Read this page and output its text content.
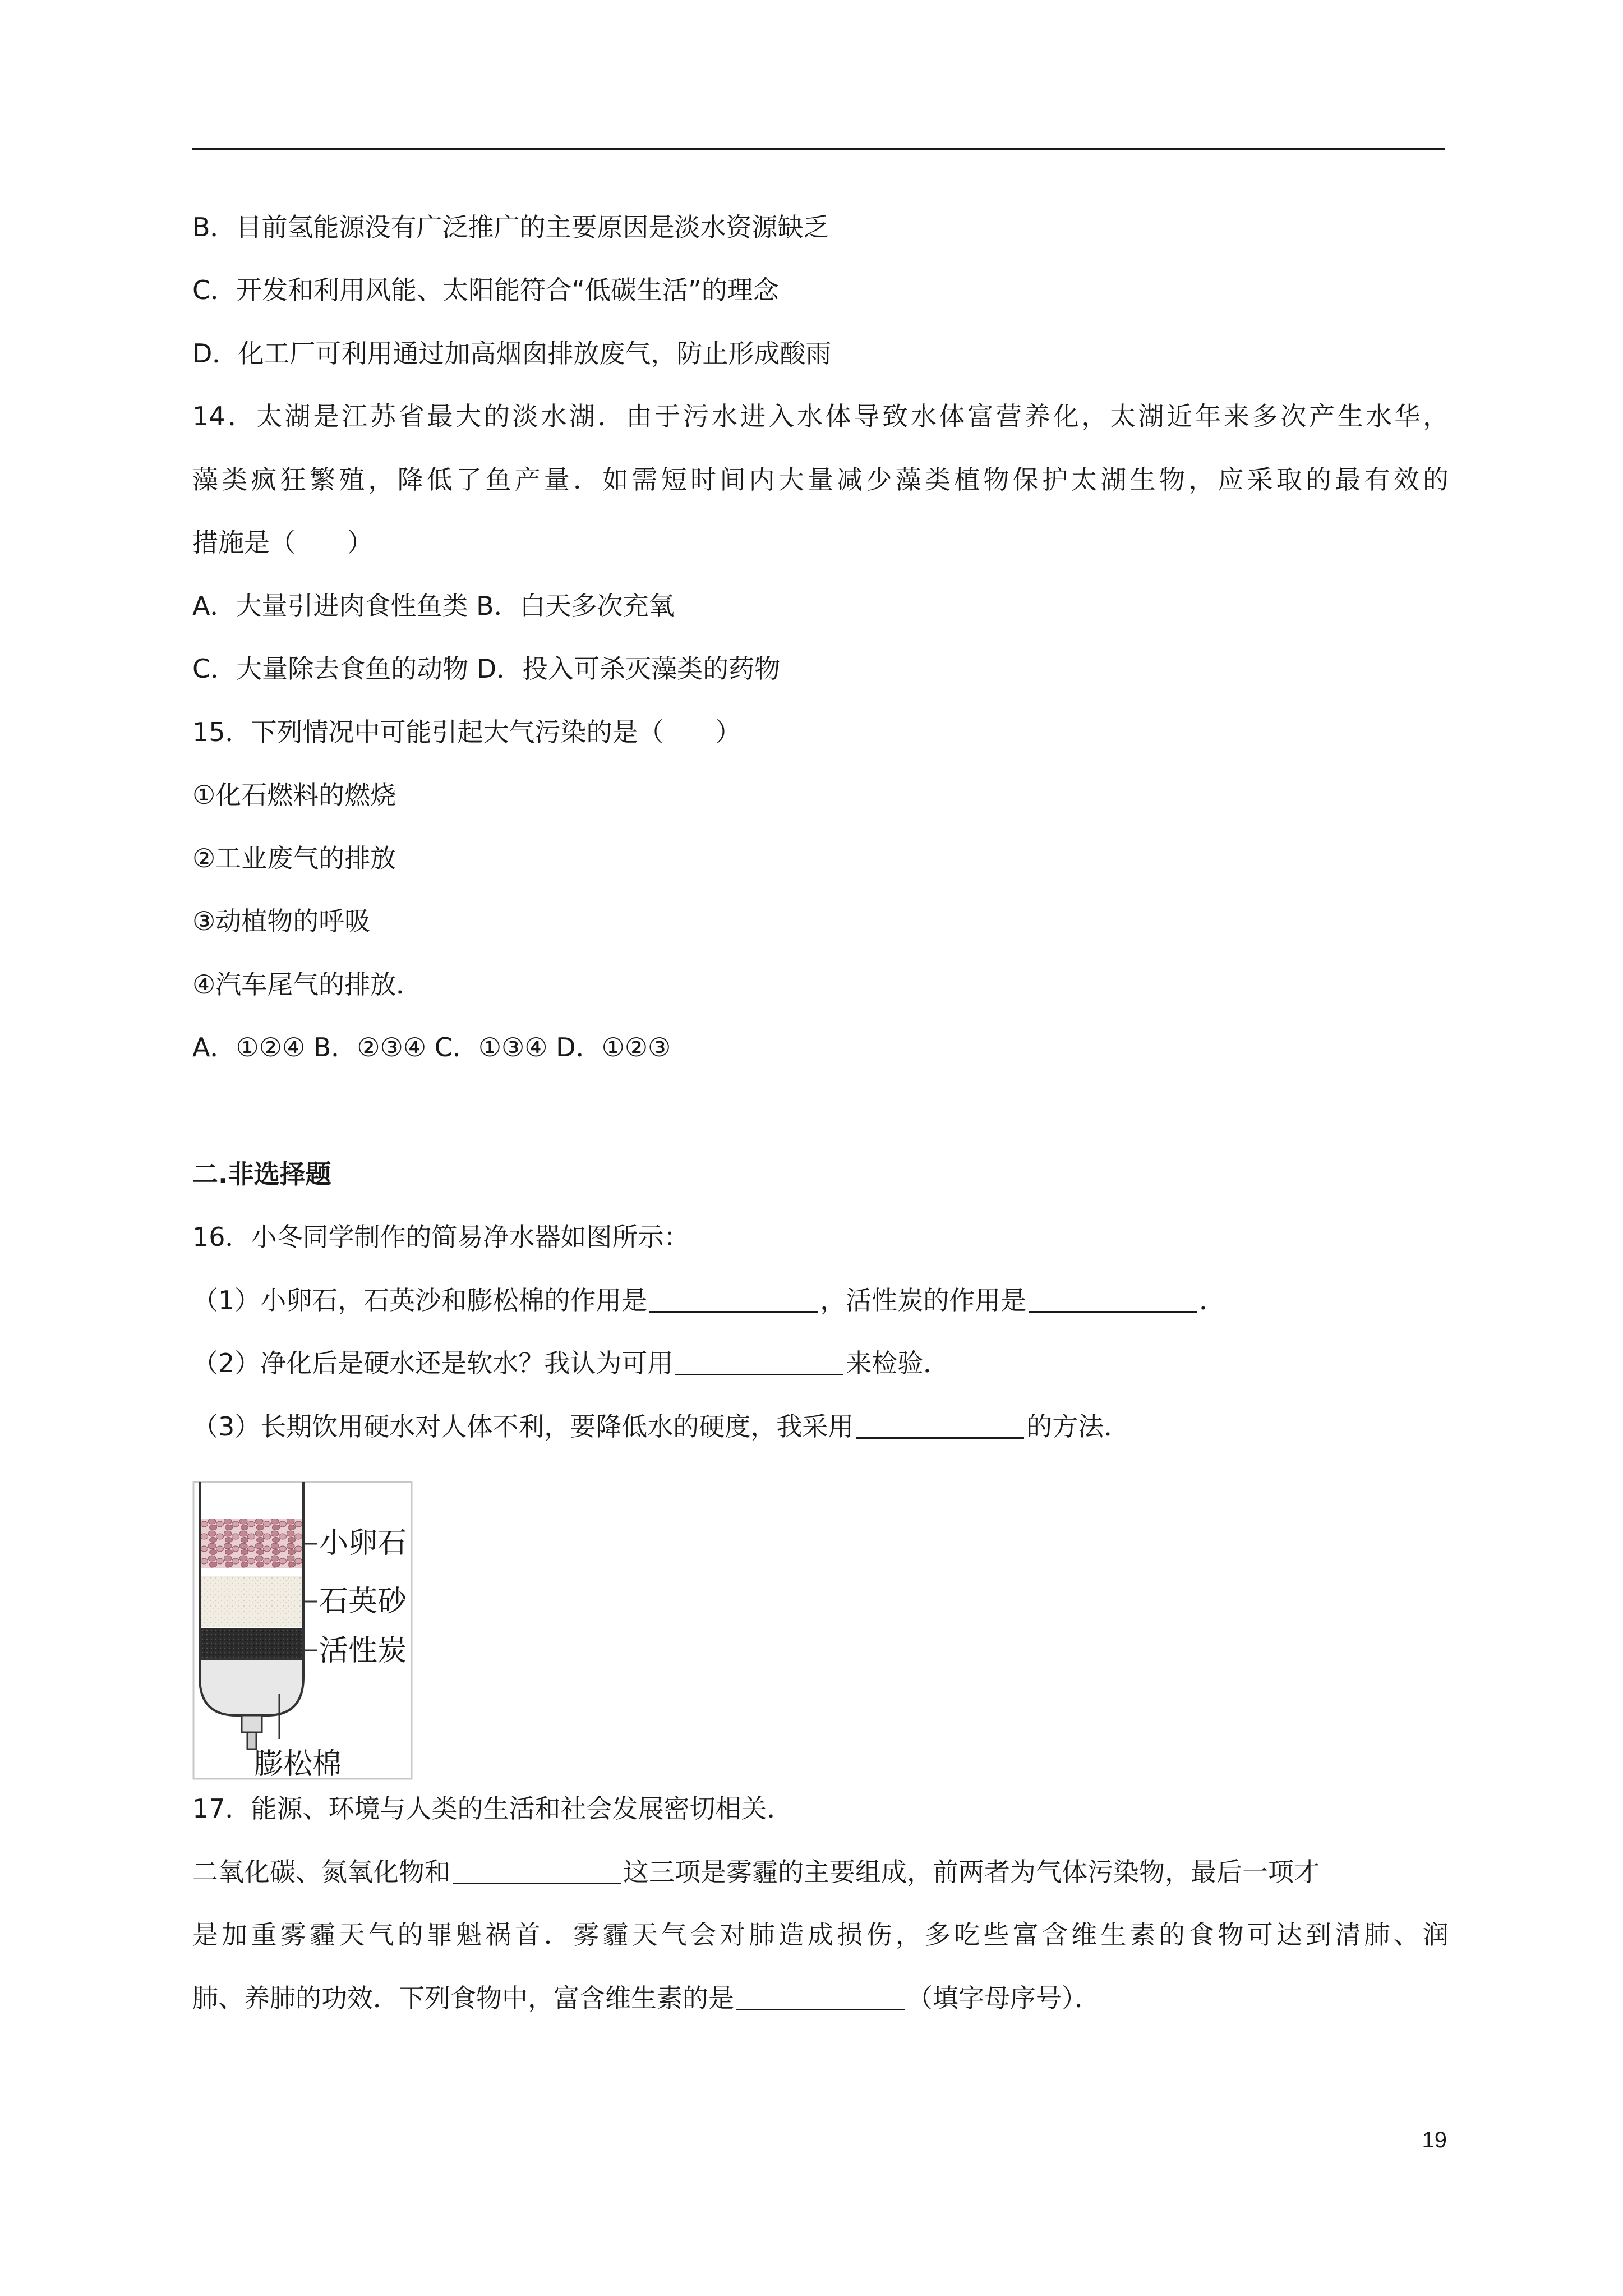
B．目前氢能源没有广泛推广的主要原因是淡水资源缺乏
C．开发和利用风能、太阳能符合“低碳生活”的理念
D．化工厂可利用通过加高烟囱排放废气，防止形成酸雨
14．太湖是江苏省最大的淡水湖．由于污水进入水体导致水体富营养化，太湖近年来多次产生水华，
藻类疯狂繁殖，降低了鱼产量．如需短时间内大量减少藻类植物保护太湖生物，应采取的最有效的
措施是（　　）
A．大量引进肉食性鱼类 B．白天多次充氧
C．大量除去食鱼的动物 D．投入可杀灭藻类的药物
15．下列情况中可能引起大气污染的是（　　）
①化石燃料的燃烧
②工业废气的排放
③动植物的呼吸
④汽车尾气的排放．
A．①②④ B．②③④ C．①③④ D．①②③
二.非选择题
16．小冬同学制作的简易净水器如图所示：
（1）小卵石，石英沙和膨松棉的作用是	，活性炭的作用是	．
（2）净化后是硬水还是软水？我认为可用	来检验．
（3）长期饮用硬水对人体不利，要降低水的硬度，我采用	的方法．
小卵石
石英砂
活性炭
膨松棉
17．能源、环境与人类的生活和社会发展密切相关．
二氧化碳、氮氧化物和	这三项是雾霾的主要组成，前两者为气体污染物，最后一项才
是加重雾霾天气的罪魁祸首．雾霾天气会对肺造成损伤，多吃些富含维生素的食物可达到清肺、润
肺、养肺的功效．下列食物中，富含维生素的是	（填字母序号）．
19
